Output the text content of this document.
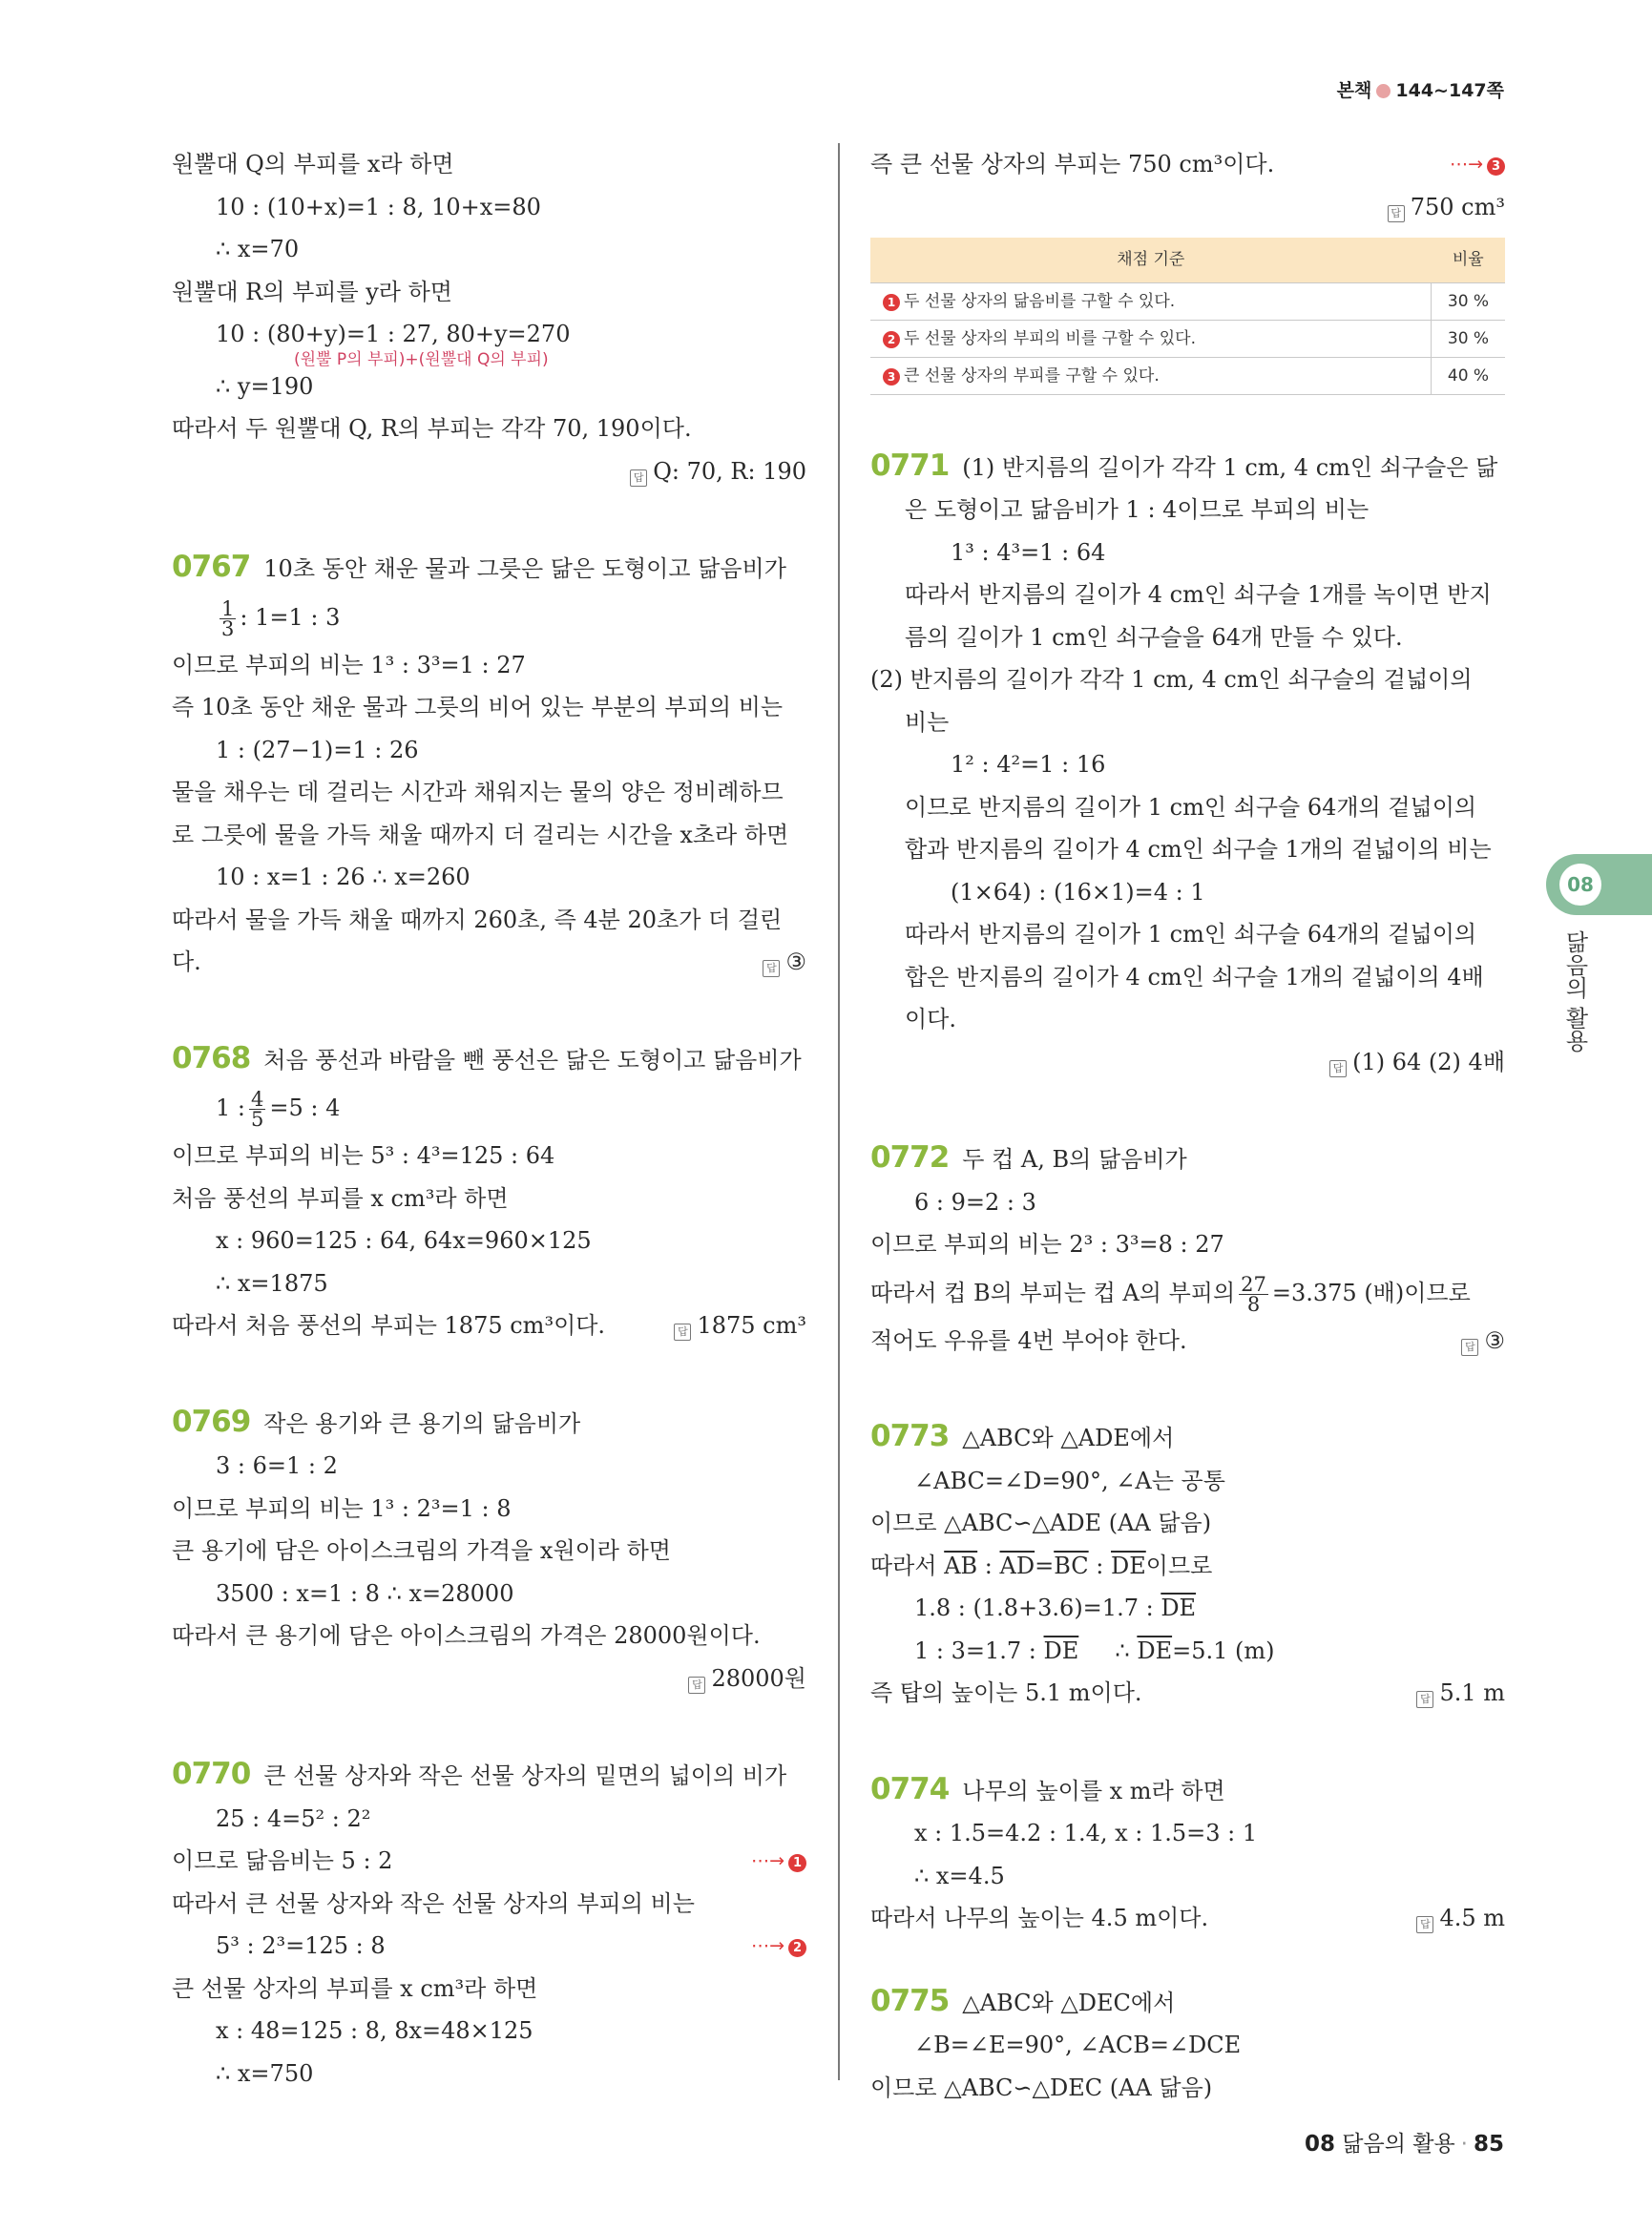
본책 144~147쪽
원뿔대 Q의 부피를 x라 하면
10 : (10+x)=1 : 8, 10+x=80
∴ x=70
원뿔대 R의 부피를 y라 하면
10 : (80+y)=1 : 27, 80+y=270
(원뿔 P의 부피)+(원뿔대 Q의 부피)
∴ y=190
따라서 두 원뿔대 Q, R의 부피는 각각 70, 190이다.
답 Q: 70, R: 190
0767 10초 동안 채운 물과 그릇은 닮은 도형이고 닮음비가
$\frac{1}{3}$ : 1=1 : 3
이므로 부피의 비는 1³ : 3³=1 : 27
즉 10초 동안 채운 물과 그릇의 비어 있는 부분의 부피의 비는
1 : (27−1)=1 : 26
물을 채우는 데 걸리는 시간과 채워지는 물의 양은 정비례하므
로 그릇에 물을 가득 채울 때까지 더 걸리는 시간을 x초라 하면
10 : x=1 : 26 ∴ x=260
따라서 물을 가득 채울 때까지 260초, 즉 4분 20초가 더 걸린
다.	답 ③
0768 처음 풍선과 바람을 뺀 풍선은 닮은 도형이고 닮음비가
1 : $\frac{4}{5} =5$ : 4
이므로 부피의 비는 5³ : 4³=125 : 64
처음 풍선의 부피를 x cm³라 하면
x : 960=125 : 64, 64x=960×125
∴ x=1875
따라서 처음 풍선의 부피는 1875 cm³이다.	답 1875 cm³
0769 작은 용기와 큰 용기의 닮음비가
3 : 6=1 : 2
이므로 부피의 비는 1³ : 2³=1 : 8
큰 용기에 담은 아이스크림의 가격을 x원이라 하면
3500 : x=1 : 8 ∴ x=28000
따라서 큰 용기에 담은 아이스크림의 가격은 28000원이다.
답 28000원
0770 큰 선물 상자와 작은 선물 상자의 밑면의 넓이의 비가
25 : 4=5² : 2²
이므로 닮음비는 5 : 2	⋯→ 1
따라서 큰 선물 상자와 작은 선물 상자의 부피의 비는
5³ : 2³=125 : 8	⋯→ 2
큰 선물 상자의 부피를 x cm³라 하면
x : 48=125 : 8, 8x=48×125
∴ x=750
즉 큰 선물 상자의 부피는 750 cm³이다.	⋯→ 3
답 750 cm³
채점 기준	비율
1 두 선물 상자의 닮음비를 구할 수 있다.	30 %
2 두 선물 상자의 부피의 비를 구할 수 있다.	30 %
3 큰 선물 상자의 부피를 구할 수 있다.	40 %
0771 (1) 반지름의 길이가 각각 1 cm, 4 cm인 쇠구슬은 닮
은 도형이고 닮음비가 1 : 4이므로 부피의 비는
1³ : 4³=1 : 64
따라서 반지름의 길이가 4 cm인 쇠구슬 1개를 녹이면 반지
름의 길이가 1 cm인 쇠구슬을 64개 만들 수 있다.
(2) 반지름의 길이가 각각 1 cm, 4 cm인 쇠구슬의 겉넓이의
비는
1² : 4²=1 : 16
이므로 반지름의 길이가 1 cm인 쇠구슬 64개의 겉넓이의
합과 반지름의 길이가 4 cm인 쇠구슬 1개의 겉넓이의 비는
(1×64) : (16×1)=4 : 1
따라서 반지름의 길이가 1 cm인 쇠구슬 64개의 겉넓이의
합은 반지름의 길이가 4 cm인 쇠구슬 1개의 겉넓이의 4배
이다.
답 (1) 64 (2) 4배
0772 두 컵 A, B의 닮음비가
6 : 9=2 : 3
이므로 부피의 비는 2³ : 3³=8 : 27
따라서 컵 B의 부피는 컵 A의 부피의 $\frac{27}{8} =3.375$ (배)이므로
적어도 우유를 4번 부어야 한다.	답 ③
0773 △ABC와 △ADE에서
∠ABC=∠D=90°, ∠A는 공통
이므로 △ABC∽△ADE (AA 닮음)
따라서 $\overline{AB}$ : $\overline{AD}=\overline{BC}$ : $\overline{DE}$이므로
1.8 : (1.8+3.6)=1.7 : $\overline{DE}$
1 : 3=1.7 : $\overline{DE}$     ∴ $\overline{DE}=5.1$ (m)
즉 탑의 높이는 5.1 m이다.	답 5.1 m
0774 나무의 높이를 x m라 하면
x : 1.5=4.2 : 1.4, x : 1.5=3 : 1
∴ x=4.5
따라서 나무의 높이는 4.5 m이다.	답 4.5 m
0775 △ABC와 △DEC에서
∠B=∠E=90°, ∠ACB=∠DCE
이므로 △ABC∽△DEC (AA 닮음)
08
닮음의 활용
08 닮음의 활용 · 85
